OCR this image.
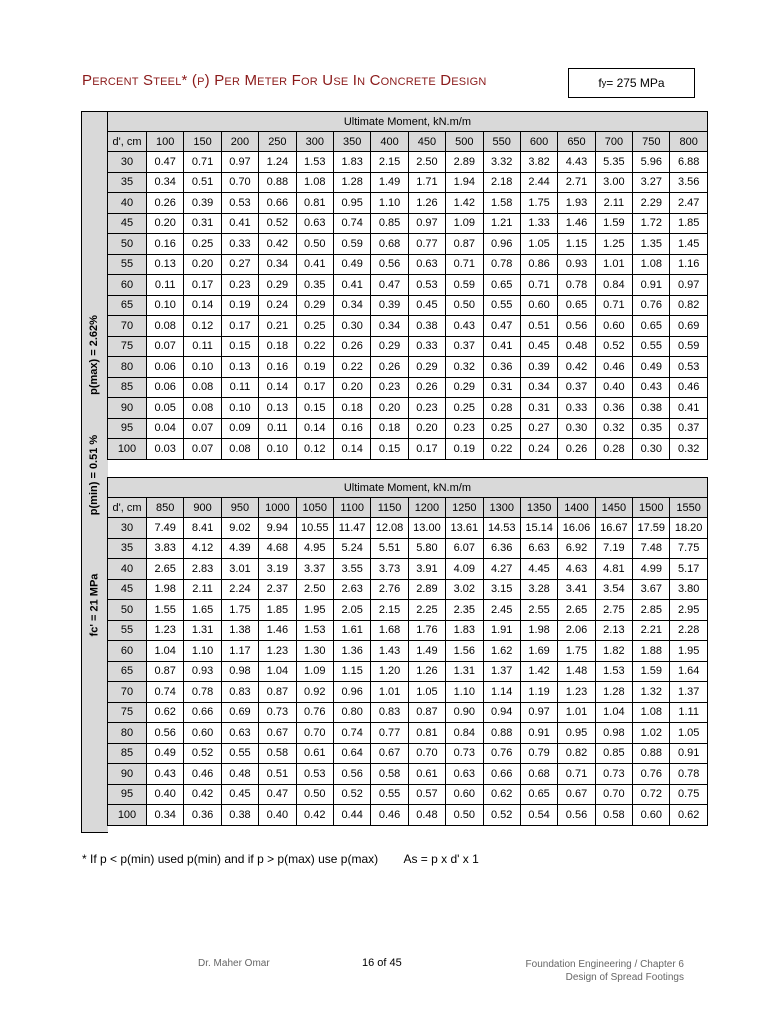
Percent Steel* (p) Per Meter For Use In Concrete Design	f y = 275 MPa
p(max) = 2.62%
p(min) = 0.51 %
fc' = 21 MPa
Ultimate Moment, kN.m/m															
d', cm	100	150	200	250	300	350	400	450	500	550	600	650	700	750	800
30	0.47	0.71	0.97	1.24	1.53	1.83	2.15	2.50	2.89	3.32	3.82	4.43	5.35	5.96	6.88
35	0.34	0.51	0.70	0.88	1.08	1.28	1.49	1.71	1.94	2.18	2.44	2.71	3.00	3.27	3.56
40	0.26	0.39	0.53	0.66	0.81	0.95	1.10	1.26	1.42	1.58	1.75	1.93	2.11	2.29	2.47
45	0.20	0.31	0.41	0.52	0.63	0.74	0.85	0.97	1.09	1.21	1.33	1.46	1.59	1.72	1.85
50	0.16	0.25	0.33	0.42	0.50	0.59	0.68	0.77	0.87	0.96	1.05	1.15	1.25	1.35	1.45
55	0.13	0.20	0.27	0.34	0.41	0.49	0.56	0.63	0.71	0.78	0.86	0.93	1.01	1.08	1.16
60	0.11	0.17	0.23	0.29	0.35	0.41	0.47	0.53	0.59	0.65	0.71	0.78	0.84	0.91	0.97
65	0.10	0.14	0.19	0.24	0.29	0.34	0.39	0.45	0.50	0.55	0.60	0.65	0.71	0.76	0.82
70	0.08	0.12	0.17	0.21	0.25	0.30	0.34	0.38	0.43	0.47	0.51	0.56	0.60	0.65	0.69
75	0.07	0.11	0.15	0.18	0.22	0.26	0.29	0.33	0.37	0.41	0.45	0.48	0.52	0.55	0.59
80	0.06	0.10	0.13	0.16	0.19	0.22	0.26	0.29	0.32	0.36	0.39	0.42	0.46	0.49	0.53
85	0.06	0.08	0.11	0.14	0.17	0.20	0.23	0.26	0.29	0.31	0.34	0.37	0.40	0.43	0.46
90	0.05	0.08	0.10	0.13	0.15	0.18	0.20	0.23	0.25	0.28	0.31	0.33	0.36	0.38	0.41
95	0.04	0.07	0.09	0.11	0.14	0.16	0.18	0.20	0.23	0.25	0.27	0.30	0.32	0.35	0.37
100	0.03	0.07	0.08	0.10	0.12	0.14	0.15	0.17	0.19	0.22	0.24	0.26	0.28	0.30	0.32
Ultimate Moment, kN.m/m															
d', cm	850	900	950	1000	1050	1100	1150	1200	1250	1300	1350	1400	1450	1500	1550
30	7.49	8.41	9.02	9.94	10.55	11.47	12.08	13.00	13.61	14.53	15.14	16.06	16.67	17.59	18.20
35	3.83	4.12	4.39	4.68	4.95	5.24	5.51	5.80	6.07	6.36	6.63	6.92	7.19	7.48	7.75
40	2.65	2.83	3.01	3.19	3.37	3.55	3.73	3.91	4.09	4.27	4.45	4.63	4.81	4.99	5.17
45	1.98	2.11	2.24	2.37	2.50	2.63	2.76	2.89	3.02	3.15	3.28	3.41	3.54	3.67	3.80
50	1.55	1.65	1.75	1.85	1.95	2.05	2.15	2.25	2.35	2.45	2.55	2.65	2.75	2.85	2.95
55	1.23	1.31	1.38	1.46	1.53	1.61	1.68	1.76	1.83	1.91	1.98	2.06	2.13	2.21	2.28
60	1.04	1.10	1.17	1.23	1.30	1.36	1.43	1.49	1.56	1.62	1.69	1.75	1.82	1.88	1.95
65	0.87	0.93	0.98	1.04	1.09	1.15	1.20	1.26	1.31	1.37	1.42	1.48	1.53	1.59	1.64
70	0.74	0.78	0.83	0.87	0.92	0.96	1.01	1.05	1.10	1.14	1.19	1.23	1.28	1.32	1.37
75	0.62	0.66	0.69	0.73	0.76	0.80	0.83	0.87	0.90	0.94	0.97	1.01	1.04	1.08	1.11
80	0.56	0.60	0.63	0.67	0.70	0.74	0.77	0.81	0.84	0.88	0.91	0.95	0.98	1.02	1.05
85	0.49	0.52	0.55	0.58	0.61	0.64	0.67	0.70	0.73	0.76	0.79	0.82	0.85	0.88	0.91
90	0.43	0.46	0.48	0.51	0.53	0.56	0.58	0.61	0.63	0.66	0.68	0.71	0.73	0.76	0.78
95	0.40	0.42	0.45	0.47	0.50	0.52	0.55	0.57	0.60	0.62	0.65	0.67	0.70	0.72	0.75
100	0.34	0.36	0.38	0.40	0.42	0.44	0.46	0.48	0.50	0.52	0.54	0.56	0.58	0.60	0.62
* If p < p(min) used p(min) and if p > p(max) use p(max) As = p x d' x 1
Dr. Maher Omar	16 of 45	Foundation Engineering / Chapter 6
Design of Spread Footings
